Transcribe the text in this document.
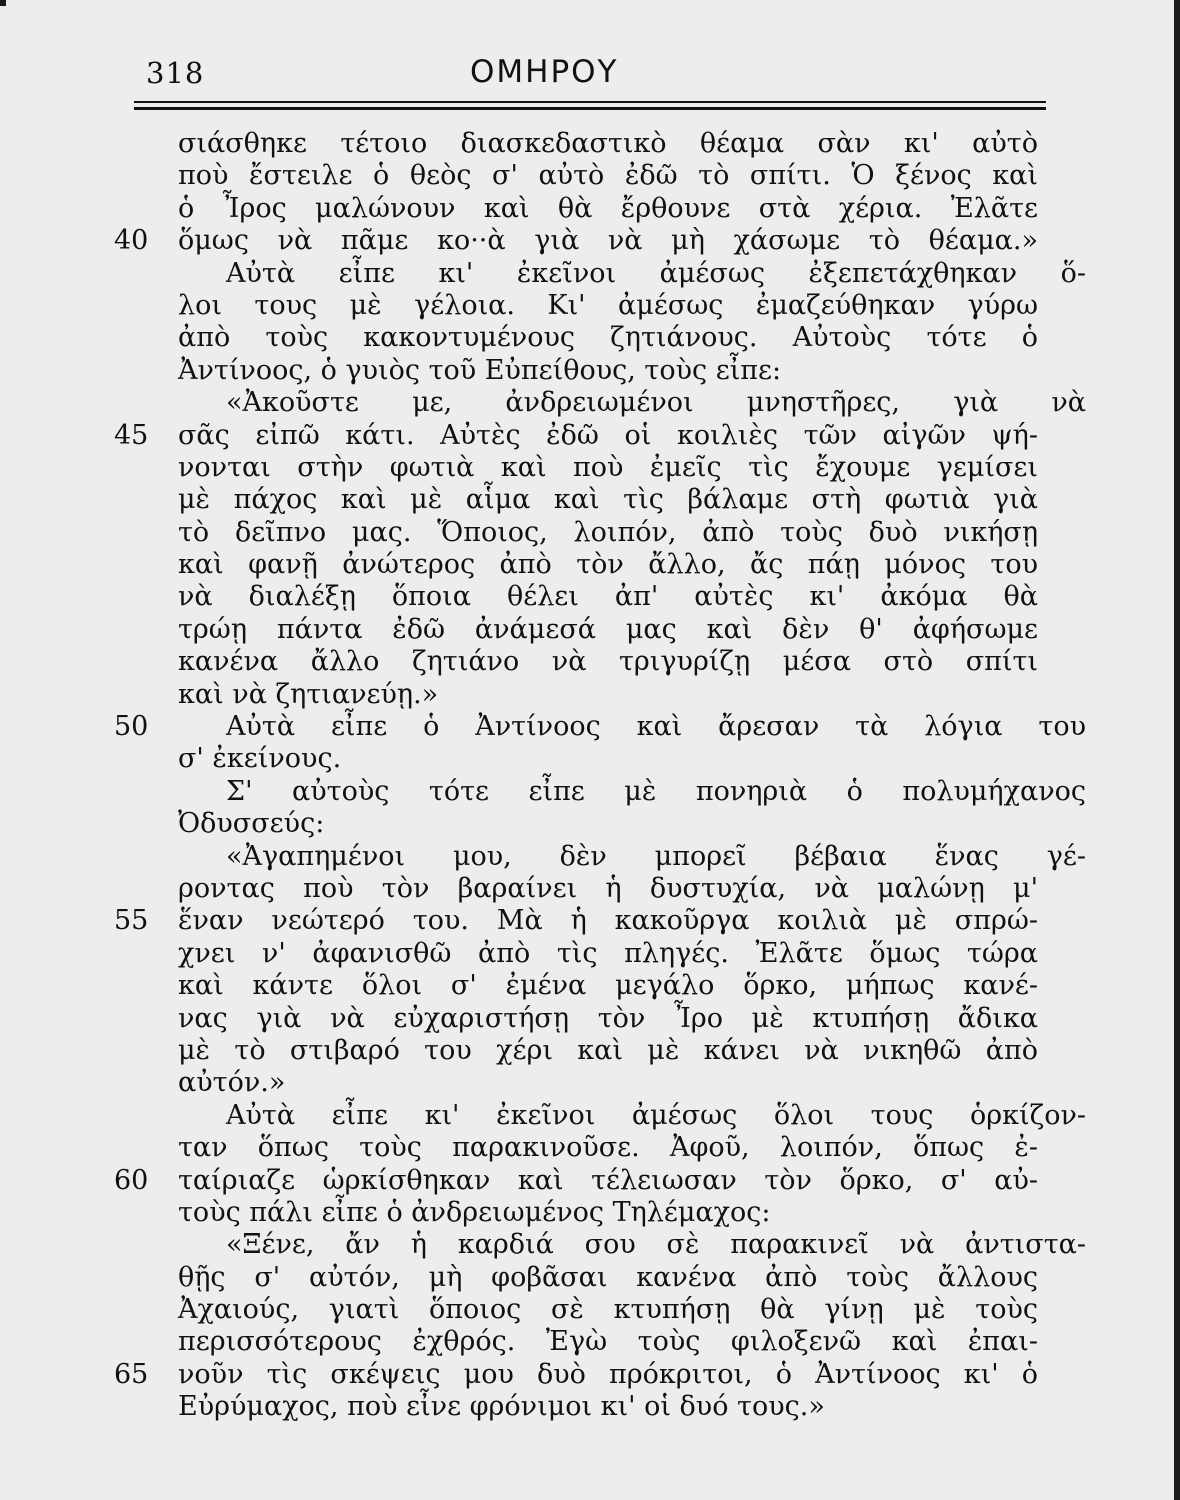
318	ΟΜΗΡΟΥ
σιάσθηκε τέτοιο διασκεδαστικὸ θέαμα σὰν κι' αὐτὸ
ποὺ ἔστειλε ὁ θεὸς σ' αὐτὸ ἐδῶ τὸ σπίτι. Ὁ ξένος καὶ
ὁ Ἶρος μαλώνουν καὶ θὰ ἔρθουνε στὰ χέρια. Ἐλᾶτε
40	ὅμως νὰ πᾶμε κο··ὰ γιὰ νὰ μὴ χάσωμε τὸ θέαμα.»
Αὐτὰ εἶπε κι' ἐκεῖνοι ἀμέσως ἐξεπετάχθηκαν ὅ-
λοι τους μὲ γέλοια. Κι' ἀμέσως ἐμαζεύθηκαν γύρω
ἀπὸ τοὺς κακοντυμένους ζητιάνους. Αὐτοὺς τότε ὁ
Ἀντίνοος, ὁ γυιὸς τοῦ Εὐπείθους, τοὺς εἶπε:
«Ἀκοῦστε με, ἀνδρειωμένοι μνηστῆρες, γιὰ νὰ
45	σᾶς εἰπῶ κάτι. Αὐτὲς ἐδῶ οἱ κοιλιὲς τῶν αἰγῶν ψή-
νονται στὴν φωτιὰ καὶ ποὺ ἐμεῖς τὶς ἔχουμε γεμίσει
μὲ πάχος καὶ μὲ αἷμα καὶ τὶς βάλαμε στὴ φωτιὰ γιὰ
τὸ δεῖπνο μας. Ὅποιος, λοιπόν, ἀπὸ τοὺς δυὸ νικήσῃ
καὶ φανῇ ἀνώτερος ἀπὸ τὸν ἄλλο, ἄς πάῃ μόνος του
νὰ διαλέξῃ ὅποια θέλει ἀπ' αὐτὲς κι' ἀκόμα θὰ
τρώῃ πάντα ἐδῶ ἀνάμεσά μας καὶ δὲν θ' ἀφήσωμε
κανένα ἄλλο ζητιάνο νὰ τριγυρίζῃ μέσα στὸ σπίτι
καὶ νὰ ζητιανεύῃ.»
50	Αὐτὰ εἶπε ὁ Ἀντίνοος καὶ ἄρεσαν τὰ λόγια του
σ' ἐκείνους.
Σ' αὐτοὺς τότε εἶπε μὲ πονηριὰ ὁ πολυμήχανος
Ὀδυσσεύς:
«Ἀγαπημένοι μου, δὲν μπορεῖ βέβαια ἕνας γέ-
ροντας ποὺ τὸν βαραίνει ἡ δυστυχία, νὰ μαλώνῃ μ'
55	ἕναν νεώτερό του. Μὰ ἡ κακοῦργα κοιλιὰ μὲ σπρώ-
χνει ν' ἀφανισθῶ ἀπὸ τὶς πληγές. Ἐλᾶτε ὅμως τώρα
καὶ κάντε ὅλοι σ' ἐμένα μεγάλο ὅρκο, μήπως κανέ-
νας γιὰ νὰ εὐχαριστήσῃ τὸν Ἶρο μὲ κτυπήσῃ ἄδικα
μὲ τὸ στιβαρό του χέρι καὶ μὲ κάνει νὰ νικηθῶ ἀπὸ
αὐτόν.»
Αὐτὰ εἶπε κι' ἐκεῖνοι ἀμέσως ὅλοι τους ὁρκίζον-
ταν ὅπως τοὺς παρακινοῦσε. Ἀφοῦ, λοιπόν, ὅπως ἐ-
60	ταίριαζε ὡρκίσθηκαν καὶ τέλειωσαν τὸν ὅρκο, σ' αὐ-
τοὺς πάλι εἶπε ὁ ἀνδρειωμένος Τηλέμαχος:
«Ξένε, ἄν ἡ καρδιά σου σὲ παρακινεῖ νὰ ἀντιστα-
θῇς σ' αὐτόν, μὴ φοβᾶσαι κανένα ἀπὸ τοὺς ἄλλους
Ἀχαιούς, γιατὶ ὅποιος σὲ κτυπήσῃ θὰ γίνῃ μὲ τοὺς
περισσότερους ἐχθρός. Ἐγὼ τοὺς φιλοξενῶ καὶ ἐπαι-
65	νοῦν τὶς σκέψεις μου δυὸ πρόκριτοι, ὁ Ἀντίνοος κι' ὁ
Εὐρύμαχος, ποὺ εἶνε φρόνιμοι κι' οἱ δυό τους.»
